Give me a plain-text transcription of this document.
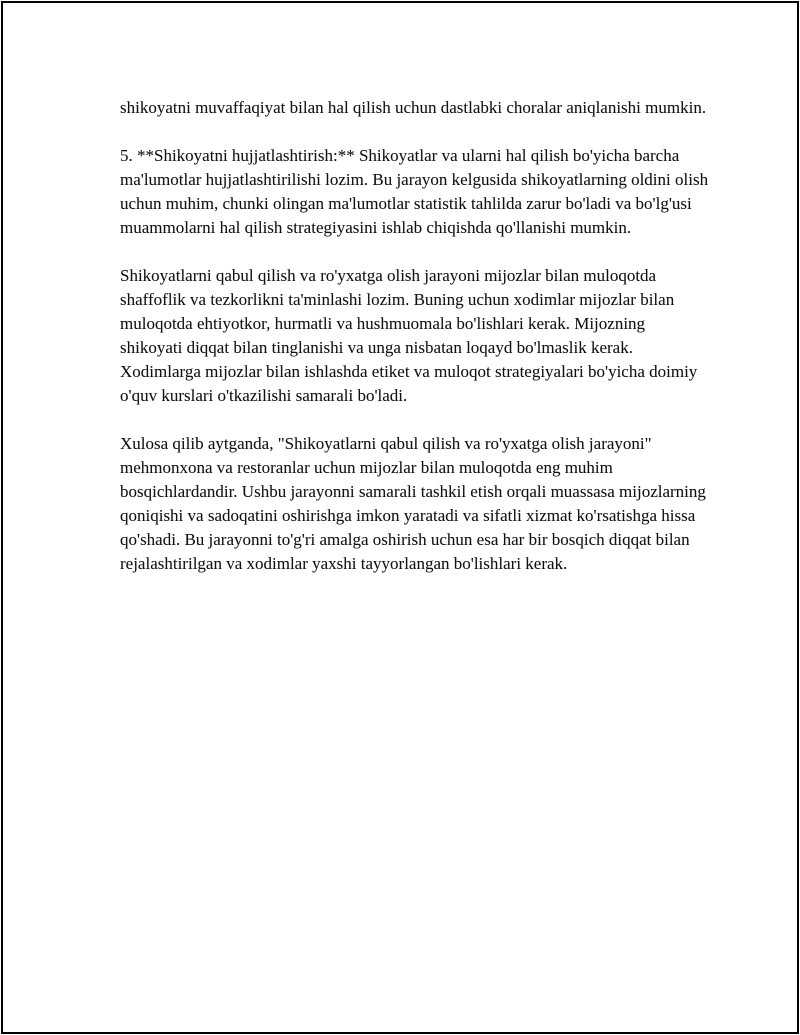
shikoyatni muvaffaqiyat bilan hal qilish uchun dastlabki choralar aniqlanishi mumkin.

5. **Shikoyatni hujjatlashtirish:** Shikoyatlar va ularni hal qilish bo'yicha barcha ma'lumotlar hujjatlashtirilishi lozim. Bu jarayon kelgusida shikoyatlarning oldini olish uchun muhim, chunki olingan ma'lumotlar statistik tahlilda zarur bo'ladi va bo'lg'usi muammolarni hal qilish strategiyasini ishlab chiqishda qo'llanishi mumkin.

Shikoyatlarni qabul qilish va ro'yxatga olish jarayoni mijozlar bilan muloqotda shaffoflik va tezkorlikni ta'minlashi lozim. Buning uchun xodimlar mijozlar bilan muloqotda ehtiyotkor, hurmatli va hushmuomala bo'lishlari kerak. Mijozning shikoyati diqqat bilan tinglanishi va unga nisbatan loqayd bo'lmaslik kerak. Xodimlarga mijozlar bilan ishlashda etiket va muloqot strategiyalari bo'yicha doimiy o'quv kurslari o'tkazilishi samarali bo'ladi.

Xulosa qilib aytganda, "Shikoyatlarni qabul qilish va ro'yxatga olish jarayoni" mehmonxona va restoranlar uchun mijozlar bilan muloqotda eng muhim bosqichlardandir. Ushbu jarayonni samarali tashkil etish orqali muassasa mijozlarning qoniqishi va sadoqatini oshirishga imkon yaratadi va sifatli xizmat ko'rsatishga hissa qo'shadi. Bu jarayonni to'g'ri amalga oshirish uchun esa har bir bosqich diqqat bilan rejalashtirilgan va xodimlar yaxshi tayyorlangan bo'lishlari kerak.
